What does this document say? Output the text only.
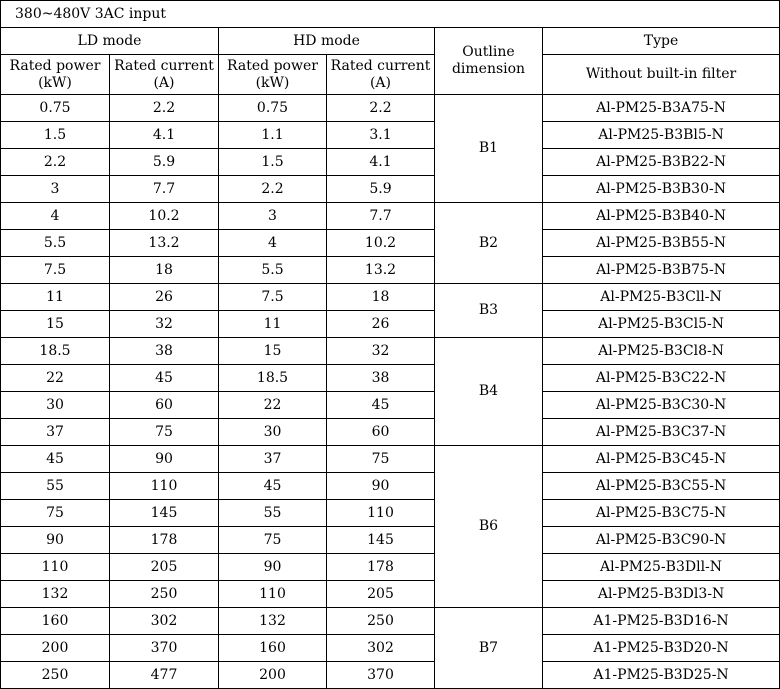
380~480V 3AC input					
LD mode		HD mode		Outline dimension	Type
Rated power (kW)	Rated current (A)	Rated power (kW)	Rated current (A)		Without built-in filter
0.75	2.2	0.75	2.2	B1	Al-PM25-B3A75-N
1.5	4.1	1.1	3.1		Al-PM25-B3Bl5-N
2.2	5.9	1.5	4.1		Al-PM25-B3B22-N
3	7.7	2.2	5.9		Al-PM25-B3B30-N
4	10.2	3	7.7	B2	Al-PM25-B3B40-N
5.5	13.2	4	10.2		Al-PM25-B3B55-N
7.5	18	5.5	13.2		Al-PM25-B3B75-N
11	26	7.5	18	B3	Al-PM25-B3Cll-N
15	32	11	26		Al-PM25-B3Cl5-N
18.5	38	15	32	B4	Al-PM25-B3Cl8-N
22	45	18.5	38		Al-PM25-B3C22-N
30	60	22	45		Al-PM25-B3C30-N
37	75	30	60		Al-PM25-B3C37-N
45	90	37	75	B6	Al-PM25-B3C45-N
55	110	45	90		Al-PM25-B3C55-N
75	145	55	110		Al-PM25-B3C75-N
90	178	75	145		Al-PM25-B3C90-N
110	205	90	178		Al-PM25-B3Dll-N
132	250	110	205		Al-PM25-B3Dl3-N
160	302	132	250	B7	A1-PM25-B3D16-N
200	370	160	302		A1-PM25-B3D20-N
250	477	200	370		A1-PM25-B3D25-N
